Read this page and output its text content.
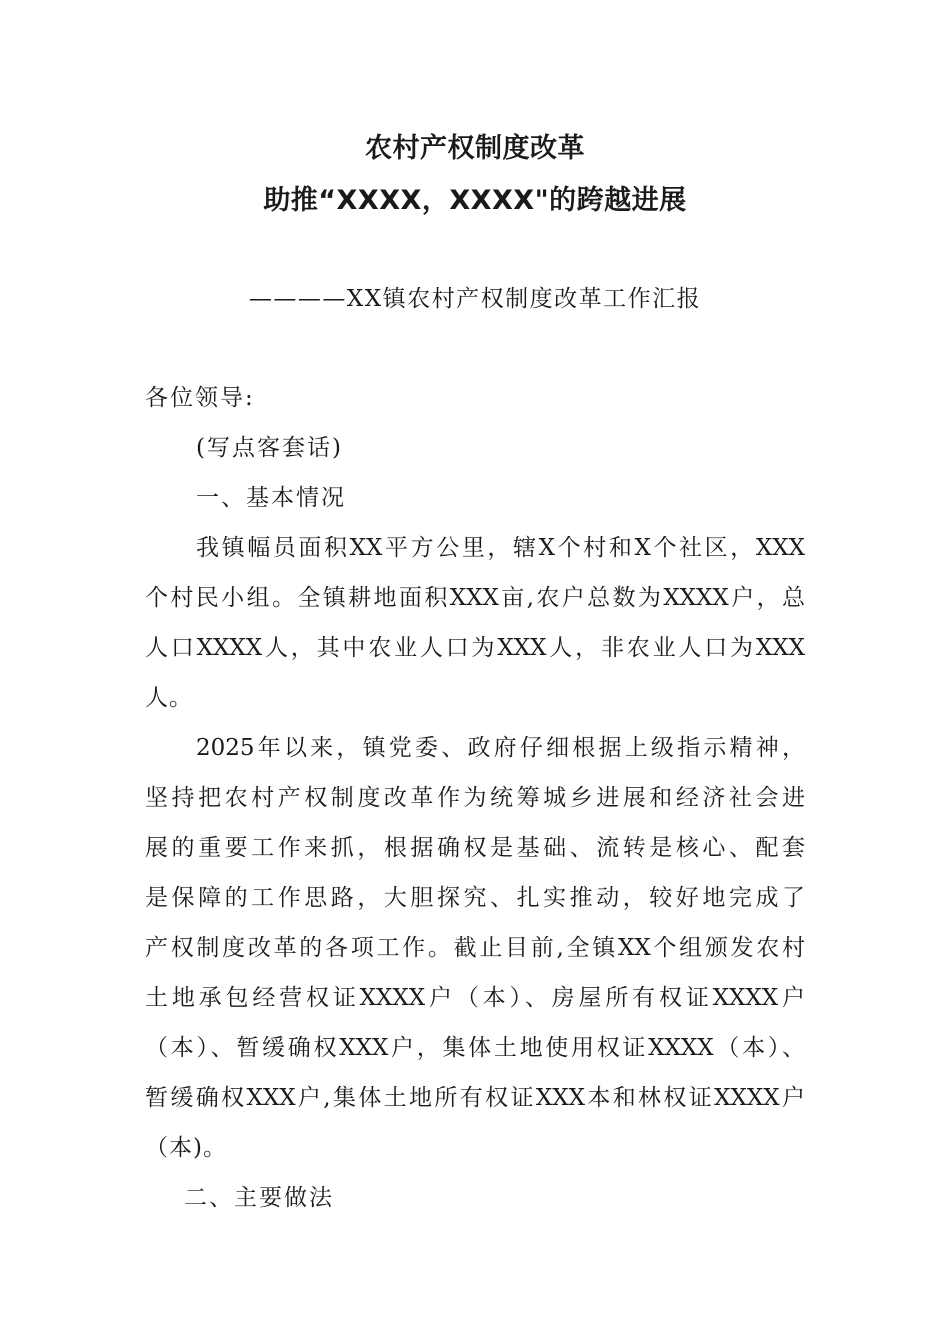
农村产权制度改革
助推“XXXX，XXXX"的跨越进展
————XX镇农村产权制度改革工作汇报
各位领导:
(写点客套话)
一、基本情况
我镇幅员面积XX平方公里，辖X个村和X个社区，XXX
个村民小组。全镇耕地面积XXX亩,农户总数为XXXX户，总
人口XXXX人，其中农业人口为XXX人，非农业人口为XXX
人。
2025年以来，镇党委、政府仔细根据上级指示精神，
坚持把农村产权制度改革作为统筹城乡进展和经济社会进
展的重要工作来抓，根据确权是基础、流转是核心、配套
是保障的工作思路，大胆探究、扎实推动，较好地完成了
产权制度改革的各项工作。截止目前,全镇XX个组颁发农村
土地承包经营权证XXXX户（本）、房屋所有权证XXXX户
（本）、暂缓确权XXX户，集体土地使用权证XXXX（本）、
暂缓确权XXX户,集体土地所有权证XXX本和林权证XXXX户
（本)。
二、主要做法
